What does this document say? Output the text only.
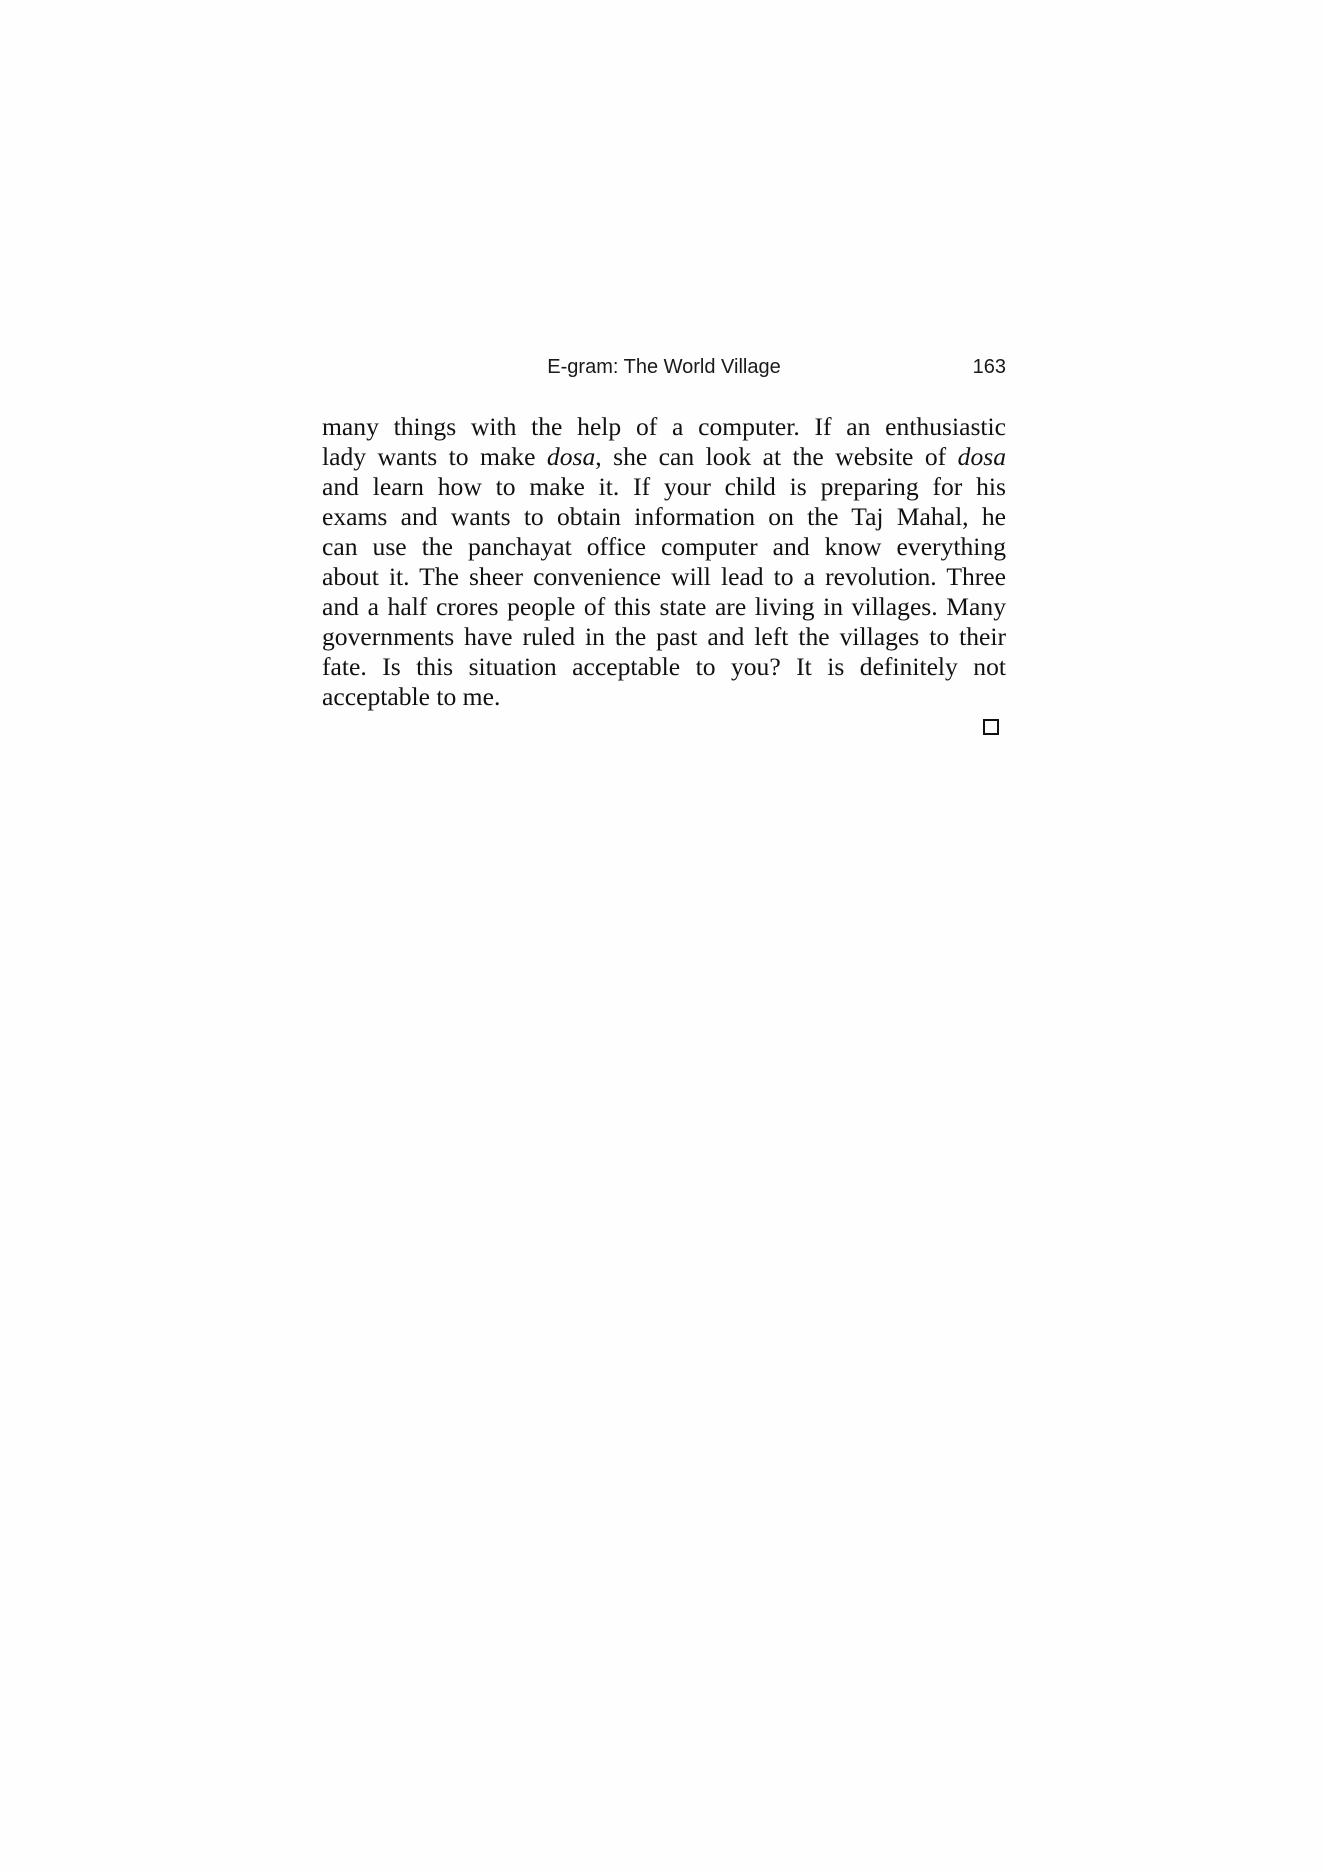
E-gram: The World Village	163
many things with the help of a computer. If an enthusiastic
lady wants to make dosa, she can look at the website of dosa
and learn how to make it. If your child is preparing for his
exams and wants to obtain information on the Taj Mahal, he
can use the panchayat office computer and know everything
about it. The sheer convenience will lead to a revolution. Three
and a half crores people of this state are living in villages. Many
governments have ruled in the past and left the villages to their
fate. Is this situation acceptable to you? It is definitely not
acceptable to me.
